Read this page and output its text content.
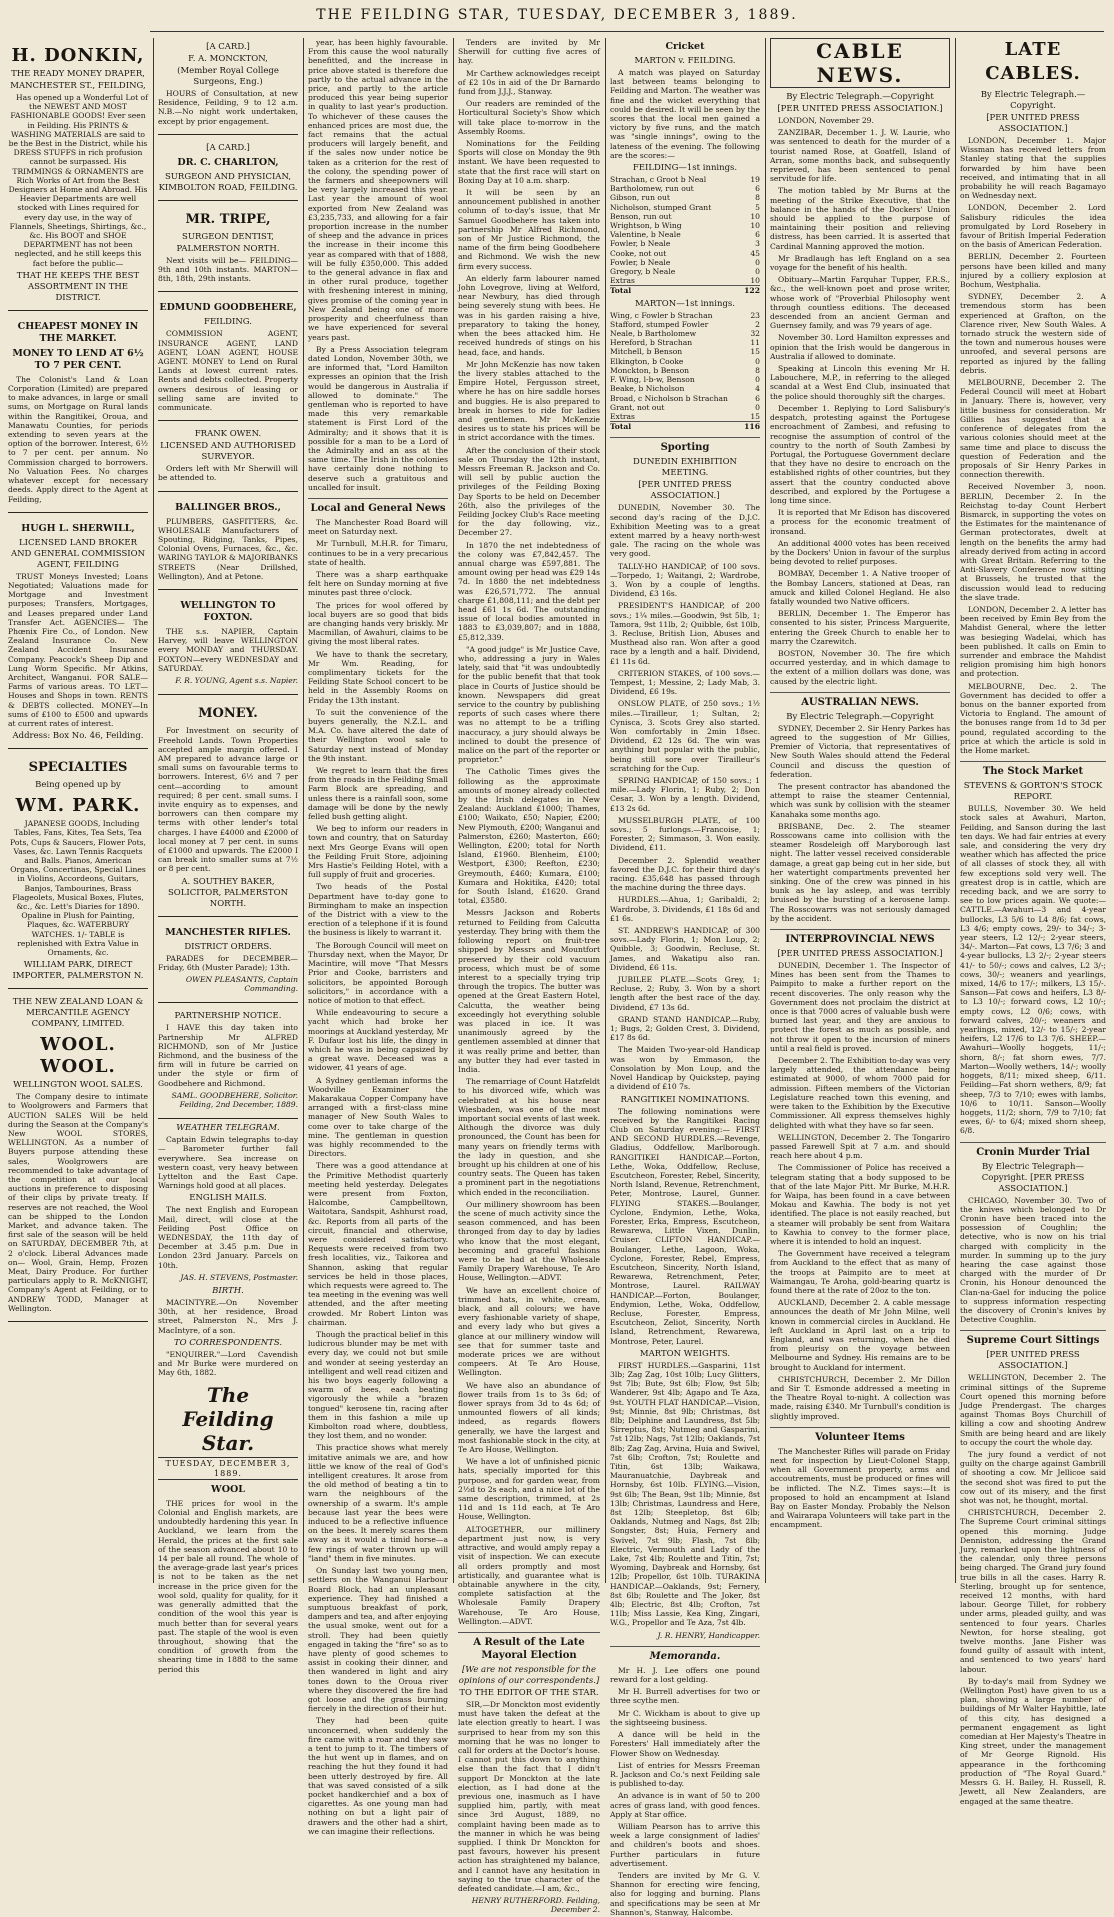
THE FEILDING STAR, TUESDAY, DECEMBER 3, 1889.
H. DONKIN,
THE READY MONEY DRAPER,
MANCHESTER ST., FEILDING,

Has opened up a Wonderful Lot of the NEWEST AND MOST FASHIONABLE GOODS! Ever seen in Feilding. His PRINTS & WASHING MATERIALS are said to be the Best in the District, while his DRESS STUFFS in rich profusion cannot be surpassed. His TRIMMINGS & ORNAMENTS are Rich Works of Art from the Best Designers at Home and Abroad. His Heavier Departments are well stocked with Lines required for every day use, in the way of Flannels, Sheetings, Shirtings, &c., &c. His BOOT and SHOE DEPARTMENT has not been neglected, and he still keeps this fact before the public—

THAT HE KEEPS THE BEST ASSORTMENT IN THE DISTRICT.
CHEAPEST MONEY IN THE MARKET.
MONEY TO LEND AT 6½ TO 7 PER CENT.

The Colonist's Land & Loan Corporation (Limited) are prepared to make advances, in large or small sums, on Mortgage on Rural lands within the Rangitikei, Oroua, and Manawatu Counties, for periods extending to seven years at the option of the borrower. Interest, 6½ to 7 per cent. per annum. No Commission charged to borrowers. No Valuation Fees. No charges whatever except for necessary deeds. Apply direct to the Agent at Feilding,

HUGH L. SHERWILL,
LICENSED LAND BROKER AND GENERAL COMMISSION AGENT, FEILDING

TRUST Moneys Invested; Loans Negotiated; Valuations made for Mortgage and Investment purposes; Transfers, Mortgages, and Leases prepared under Land Transfer Act. AGENCIES— The Phœnix Fire Co., of London. New Zealand Insurance Co. New Zealand Accident Insurance Company. Peacock's Sheep Dip and Lung Worm Specific. Mr Atkins, Architect, Wanganui. FOR SALE—Farms of various areas. TO LET—Houses and Shops in town. RENTS & DEBTS collected. MONEY—In sums of £100 to £500 and upwards at current rates of interest.

Address: Box No. 46, Feilding.
SPECIALTIES
Being opened up by
WM. PARK.

JAPANESE GOODS, Including Tables, Fans, Kites, Tea Sets, Tea Pots, Cups & Saucers, Flower Pots, Vases, &c. Lawn Tennis Racquets and Balls. Pianos, American Organs, Concertinas, Special Lines in Violins, Accordeons, Guitars, Banjos, Tambourines, Brass Flageolets, Musical Boxes, Flutes, &c., &c. Lett's Diaries for 1890. Opaline in Plush for Painting, Plaques, &c. WATERBURY WATCHES. 1/- TABLE is replenished with Extra Value in Ornaments, &c.

WILLIAM PARK, DIRECT IMPORTER, PALMERSTON N.
THE NEW ZEALAND LOAN & MERCANTILE AGENCY COMPANY, LIMITED.
WOOL. WOOL.
WELLINGTON WOOL SALES.

The Company desire to intimate to Woolgrowers and Farmers that AUCTION SALES Will be held during the Season at the Company's New WOOL STORES, WELLINGTON. As a number of Buyers purpose attending these sales, Woolgrowers are recommended to take advantage of the competition at our local auctions in preference to disposing of their clips by private treaty. If reserves are not reached, the Wool can be shipped to the London Market, and advance taken. The first sale of the season will be held on SATURDAY, DECEMBER 7th, at 2 o'clock. Liberal Advances made on— Wool, Grain, Hemp, Frozen Meat, Dairy Produce. For further particulars apply to R. McKNIGHT, Company's Agent at Feilding, or to ANDREW TODD, Manager at Wellington.

[A CARD.]
F. A. MONCKTON,
(Member Royal College Surgeons, Eng.)

HOURS of Consultation, at new Residence, Feilding, 9 to 12 a.m. N.B.—No night work undertaken, except by prior engagement.

[A CARD.]
DR. C. CHARLTON,
SURGEON AND PHYSICIAN, KIMBOLTON ROAD, FEILDING.
MR. TRIPE,
SURGEON DENTIST,
PALMERSTON NORTH.

Next visits will be— FEILDING—9th and 10th instants. MARTON—8th, 18th, 29th instants.

EDMUND GOODBEHERE,
FEILDING.

COMMISSION AGENT, INSURANCE AGENT, LAND AGENT, LOAN AGENT, HOUSE AGENT. MONEY to Lend on Rural Lands at lowest current rates. Rents and debts collected. Property owners desirous of leasing or selling same are invited to communicate.

FRANK OWEN.
LICENSED AND AUTHORISED SURVEYOR.

Orders left with Mr Sherwill will be attended to.

BALLINGER BROS.,

PLUMBERS, GASFITTERS, &c. WHOLESALE Manufacturers of Spouting, Ridging, Tanks, Pipes, Colonial Ovens, Furnaces, &c., &c. WARING TAYLOR & MAJORIBANKS STREETS (Near Drillshed, Wellington), And at Petone.

WELLINGTON TO FOXTON.

THE s.s. NAPIER, Captain Harvey, will leave WELLINGTON every MONDAY and THURSDAY. FOXTON—every WEDNESDAY and SATURDAY.

F. R. YOUNG, Agent s.s. Napier.
MONEY.

For Investment on security of Freehold Lands. Town Properties accepted ample margin offered. I AM prepared to advance large or small sums on favourable terms to borrowers. Interest, 6½ and 7 per cent—according to amount required; 8 per cent. small sums. I invite enquiry as to expenses, and borrowers can then compare my terms with other lender's total charges. I have £4000 and £2000 of local money at 7 per cent. in sums of £1000 and upwards. The £2000 I can break into smaller sums at 7½ or 8 per cent.

A. SOUTHEY BAKER, SOLICITOR, PALMERSTON NORTH.
MANCHESTER RIFLES.
DISTRICT ORDERS.

PARADES for DECEMBER—Friday, 6th (Muster Parade); 13th.

OWEN PLEASANTS, Captain Commanding.
PARTNERSHIP NOTICE.

I HAVE this day taken into Partnership Mr ALFRED RICHMOND, son of Mr Justice Richmond, and the business of the firm will in future be carried on under the style or firm of Goodbehere and Richmond.

SAML. GOODBEHERE, Solicitor. Feilding, 2nd December, 1889.
WEATHER TELEGRAM.

Captain Edwin telegraphs to-day— Barometer further fall everywhere. Sea increase on western coast, very heavy between Lyttelton and the East Cape. Warnings hold good at all places.

ENGLISH MAILS.

The next English and European Mail, direct, will close at the Feilding Post Office on WEDNESDAY, the 11th day of December at 3.45 p.m. Due in London 23rd January. Parcels on 10th.

JAS. H. STEVENS, Postmaster.
BIRTH.

MACINTYRE.—On November 30th, at her residence, Broad street, Palmerston N., Mrs J. MacIntyre, of a son.

TO CORRESPONDENTS.

"ENQUIRER."—Lord Cavendish and Mr Burke were murdered on May 6th, 1882.

The Feilding Star.
TUESDAY, DECEMBER 3, 1889.
WOOL

THE prices for wool in the Colonial and English markets, are undoubtedly hardening this year. In Auckland, we learn from the Herald, the prices at the first sale of the season advanced about 10 to 14 per bale all round. The whole of the average-grade last year's prices is not to be taken as the net increase in the price given for the wool sold, quality for quality, for it was generally admitted that the condition of the wool this year is much better than for several years past. The staple of the wool is even throughout, showing that the condition of growth from the shearing time in 1888 to the same period this

year, has been highly favourable. From this cause the wool naturally benefitted, and the increase in price above stated is therefore due partly to the actual advance in the price, and partly to the article produced this year being superior in quality to last year's production. To whichever of these causes the enhanced prices are most due, the fact remains that the actual producers will largely benefit, and if the sales now under notice be taken as a criterion for the rest of the colony, the spending power of the farmers and sheepowners will be very largely increased this year. Last year the amount of wool exported from New Zealand was £3,235,733, and allowing for a fair proportion increase in the number of sheep and the advance in prices the increase in their income this year as compared with that of 1888, will be fully £350,000. This added to the general advance in flax and in other rural produce, together with freshening interest in mining, gives promise of the coming year in New Zealand being one of more prosperity and cheerfulness than we have experienced for several years past.

By a Press Association telegram dated London, November 30th, we are informed that, "Lord Hamilton expresses an opinion that the Irish would be dangerous in Australia if allowed to dominate." The gentleman who is reported to have made this very remarkable statement is First Lord of the Admiralty; and it shows that it is possible for a man to be a Lord of the Admiralty and an ass at the same time. The Irish in the colonies have certainly done nothing to deserve such a gratuitous and uncalled for insult.

Local and General News

The Manchester Road Board will meet on Saturday next.

Mr Turnbull, M.H.R. for Timaru, continues to be in a very precarious state of health.

There was a sharp earthquake felt here on Sunday morning at five minutes past three o'clock.

The prices for wool offered by local buyers are so good that bids are changing hands very briskly. Mr Macmillan, of Awahuri, claims to be giving the most liberal rates.

We have to thank the secretary, Mr Wm. Reading, for complimentary tickets for the Feilding State School concert to be held in the Assembly Rooms on Friday the 13th instant.

To suit the convenience of the buyers generally, the N.Z.L. and M.A. Co. have altered the date of their Wellington wool sale to Saturday next instead of Monday the 9th instant.

We regret to learn that the fires from the roads in the Feilding Small Farm Block are spreading, and unless there is a rainfall soon, some damage will be done by the newly felled bush getting alight.

We beg to inform our readers in town and country, that on Saturday next Mrs George Evans will open the Feilding Fruit Store, adjoining Mrs Hastie's Feilding Hotel, with a full supply of fruit and groceries.

Two heads of the Postal Department have to-day gone to Birmingham to make an inspection of the District with a view to the erection of a telephone if it is found the business is likely to warrant it.

The Borough Council will meet on Thursday next, when the Mayor, Dr Macintire, will move "That Messrs Prior and Cooke, barristers and solicitors, be appointed Borough solicitors," in accordance with a notice of motion to that effect.

While endeavouring to secure a yacht which had broke her moorings at Auckland yesterday, Mr F. Dufaur lost his life, the dingy in which he was in being capsized by a great wave. Deceased was a widower, 41 years of age.

A Sydney gentleman informs the Woodville Examiner the Makarakaua Copper Company have arranged with a first-class mine manager of New South Wales to come over to take charge of the mine. The gentleman in question was highly recommended to the Directors.

There was a good attendance at the Primitive Methodist quarterly meeting held yesterday. Delegates were present from Foxton, Halcombe, Campbelltown, Waitotara, Sandspit, Ashhurst road, &c. Reports from all parts of the circuit, financial and otherwise, were considered satisfactory. Requests were received from two fresh localities, viz., Taikorea and Shannon, asking that regular services be held in those places, which requests were agreed to. The tea meeting in the evening was well attended, and the after meeting crowded. Mr Robert Linton was chairman.

Though the practical belief in this ludicrous blunder may be met with every day, we could not but smile and wonder at seeing yesterday an intelligent and well read citizen and his two boys eagerly following a swarm of bees, each beating vigorously the while a "brazen tongued" kerosene tin, racing after them in this fashion a mile up Kimbolton road where, doubtless, they lost them, and no wonder.

This practice shows what merely imitative animals we are, and how little we know of the real of God's intelligent creatures. It arose from the old method of beating a tin to warn the neighbours of the ownership of a swarm. It's ample because last year the bees were induced to be a reflective influence on the bees. It merely scares them away as it would a timid horse—a few rings of water thrown up will "land" them in five minutes.

On Sunday last two young men, settlers on the Wanganui Harbour Board Block, had an unpleasant experience. They had finished a sumptuous breakfast of pork, dampers and tea, and after enjoying the usual smoke, went out for a stroll. They had been quietly engaged in taking the "fire" so as to have plenty of good schemes to assist in cooking their dinner, and then wandered in light and airy tones down to the Oroua river where they discovered the fire had got loose and the grass burning fiercely in the direction of their hut.

They had been quite unconcerned, when suddenly the fire came with a roar and they saw a tent to jump to it. The timbers of the hut went up in flames, and on reaching the hut they found it had been utterly destroyed by fire. All that was saved consisted of a silk pocket handkerchief and a box of cigarettes. As one young man had nothing on but a light pair of drawers and the other had a shirt, we can imagine their reflections.

Tenders are invited by Mr Sherwill for cutting five acres of hay.

Mr Carthew acknowledges receipt of £2 10s in aid of the Dr Barnardo fund from J.J.J., Stanway.

Our readers are reminded of the Horticultural Society's Show which will take place to-morrow in the Assembly Rooms.

Nominations for the Feilding Sports will close on Monday the 9th instant. We have been requested to state that the first race will start on Boxing Day at 10 a.m. sharp.

It will be seen by an announcement published in another column of to-day's issue, that Mr Samuel Goodbehere has taken into partnership Mr Alfred Richmond, son of Mr Justice Richmond, the name of the firm being Goodbehere and Richmond. We wish the new firm every success.

An elderly farm labourer named John Lovegrove, living at Welford, near Newbury, has died through being severely stung with bees. He was in his garden raising a hive, preparatory to taking the honey, when the bees attacked him. He received hundreds of stings on his head, face, and hands.

Mr John McKenzie has now taken the livery stables attached to the Empire Hotel, Fergusson street, where he has on hire saddle horses and buggies. He is also prepared to break in horses to ride for ladies and gentlemen. Mr McKenzie desires us to state his prices will be in strict accordance with the times.

After the conclusion of their stock sale on Thursday the 12th instant, Messrs Freeman R. Jackson and Co. will sell by public auction the privileges of the Feilding Boxing Day Sports to be held on December 26th, also the privileges of the Feilding Jockey Club's Race meeting for the day following, viz., December 27.

In 1870 the net indebtedness of the colony was £7,842,457. The annual charge was £597,881. The amount owing per head was £29 14s 7d. In 1880 the net indebtedness was £26,571,772. The annual charge £1,808,111; and the debt per head £61 1s 6d. The outstanding issue of local bodies amounted in 1883 to £3,039,807; and in 1888, £5,812,339.

"A good judge" is Mr Justice Cave, who, addressing a jury in Wales lately, said that "it was undoubtedly for the public benefit that that took place in Courts of Justice should be known. Newspapers did great service to the country by publishing reports of such cases where there was no attempt to be a trifling inaccuracy, a jury should always be inclined to doubt the presence of malice on the part of the reporter or proprietor."

The Catholic Times gives the following as the approximate amounts of money already collected by the Irish delegates in New Zealand: Auckland £1000; Thames, £100; Waikato, £50; Napier, £200; New Plymouth, £200; Wanganui and Palmerston, £260; Masterton, £60; Wellington, £200; total for North Island, £1960. Blenheim, £100; Westport, £300; Reefton, £230; Greymouth, £460; Kumara, £100; Kumara and Hokitika, £420; total for South Island, £1620. Grand total, £3580.

Messrs Jackson and Roberts returned to Feilding from Calcutta yesterday. They bring with them the following report on fruit-tree shipped by Messrs and Mountfort preserved by their cold vacuum process, which must be of some interest to a specially trying trip through the tropics. The butter was opened at the Great Eastern Hotel, Calcutta, the weather being exceedingly hot everything soluble was placed in ice. It was unanimously agreed by the gentlemen assembled at dinner that it was really prime and better, than any butter they had ever tasted in India.

The remarriage of Count Hatzfeldt to his divorced wife, which was celebrated at his house near Wiesbaden, was one of the most important social events of last week. Although the divorce was duly pronounced, the Count has been for many years on friendly terms with the lady in question, and she brought up his children at one of his country seats. The Queen has taken a prominent part in the negotiations which ended in the reconciliation.

Our millinery showroom has been the scene of much activity since the season commenced, and has been thronged from day to day by ladies who know that the most elegant, becoming and graceful fashions were to be had at the Wholesale Family Drapery Warehouse, Te Aro House, Wellington.—ADVT.

We have an excellent choice of trimmed hats, in white, cream, black, and all colours; we have every fashionable variety of shape, and every lady who but gives a glance at our millinery window will see that for summer taste and moderate prices we are without compeers. At Te Aro House, Wellington.

We have also an abundance of flower trails from 1s to 3s 6d; of flower sprays from 3d to 4s 6d; of unmounted flowers of all kinds; indeed, as regards flowers generally, we have the largest and most fashionable stock in the city, at Te Aro House, Wellington.

We have a lot of unfinished picnic hats, specially imported for this purpose, and for garden wear, from 2½d to 2s each, and a nice lot of the same description, trimmed, at 2s 11d and 1s 11d each, at Te Aro House, Wellington.

ALTOGETHER, our millinery department just now, is very attractive, and would amply repay a visit of inspection. We can execute all orders promptly and most artistically, and guarantee what is obtainable anywhere in the city, complete satisfaction at the Wholesale Family Drapery Warehouse, Te Aro House, Wellington.—ADVT.

A Result of the Late Mayoral Election
[We are not responsible for the opinions of our correspondents.]
TO THE EDITOR OF THE STAR.

SIR,—Dr Monckton most evidently must have taken the defeat at the late election greatly to heart. I was surprised to hear from my son this morning that he was no longer to call for orders at the Doctor's house. I cannot put this down to anything else than the fact that I didn't support Dr Monckton at the late election, as I had done at the previous one, inasmuch as I have supplied him, partly, with meat since 3rd August, 1889, no complaint having been made as to the manner in which he was being supplied. I think Dr Monckton for past favours, however his present action has straightened my balance, and I cannot have any hesitation in saying to the true character of the defeated candidate.—I am, &c.,

HENRY RUTHERFORD. Feilding, December 2.
Cricket
MARTON v. FEILDING.

A match was played on Saturday last between teams belonging to Feilding and Marton. The weather was fine and the wicket everything that could be desired. It will be seen by the scores that the local men gained a victory by five runs, and the match was "single innings", owing to the lateness of the evening. The following are the scores:—

FEILDING—1st innings.
Strachan, c Groot b Neal	19
Bartholomew, run out	6
Gibson, run out	8
Nicholson, stumped Grant	5
Benson, run out	10
Wrightson, b Wing	10
Valentine, b Neale	6
Fowler, b Neale	3
Cooke, not out	45
Fowler, b Neale	0
Gregory, b Neale	0
Extras	10
Total	122
MARTON—1st innings.
Wing, c Fowler b Strachan	23
Stafford, stumped Fowler	2
Neale, b Bartholomew	32
Hereford, b Strachan	11
Mitchell, b Benson	15
Elkington, b Cooke	0
Monckton, b Benson	8
F. Wing, l-b-w, Benson	0
Beake, b Nicholson	4
Broad, c Nicholson b Strachan	6
Grant, not out	0
Extras	15
Total	116
Sporting
DUNEDIN EXHIBITION MEETING.
[PER UNITED PRESS ASSOCIATION.]

DUNEDIN, November 30. The second day's racing of the D.J.C. Exhibition Meeting was to a great extent marred by a heavy north-west gale. The racing on the whole was very good.

TALLY-HO HANDICAP, of 100 sovs.—Torpedo, 1; Waitangi, 2; Wardrobe, 3. Won by a couple of lengths. Dividend, £3 16s.

PRESIDENT'S HANDICAP, of 200 sovs.; 1¼ miles.—Goodwin, 9st 5lb, 1; Tamora, 9st 11lb, 2; Quibble, 6st 10lb, 3. Recluse, British Lion, Abuses and Musthead also ran. Won after a good race by a length and a half. Dividend, £1 11s 6d.

CRITERION STAKES, of 100 sovs.—Tempest, 1; Messine, 2; Lady Mab, 3. Dividend, £6 19s.

ONSLOW PLATE, of 250 sovs.; 1½ miles.—Tirailleur, 1; Sultan, 2; Cynisca, 3. Scots Grey also started. Won comfortably in 2min 18sec. Dividend, £2 12s 6d. The win was anything but popular with the public, being still sore over Tirailleur's scratching for the Cup.

SPRING HANDICAP, of 150 sovs.; 1 mile.—Lady Florin, 1; Ruby, 2; Don Cesar, 3. Won by a length. Dividend, £13 2s 6d.

MUSSELBURGH PLATE, of 100 sovs.; 5 furlongs.—Francoise, 1; Forester, 2; Simmason, 3. Won easily. Dividend, £11.

December 2. Splendid weather favored the D.J.C. for their third day's racing. £35,648 has passed through the machine during the three days.

HURDLES.—Ahua, 1; Garibaldi, 2; Wardrobe, 3. Dividends, £1 18s 6d and £1 6s.

ST. ANDREW'S HANDICAP, of 300 sovs.—Lady Florin, 1; Mon Loup, 2; Quibble, 3; Goodwin, Recluse, St. James, and Wakatipu also ran. Dividend, £6 11s.

JUBILEE PLATE.—Scots Grey, 1; Recluse, 2; Ruby, 3. Won by a short length after the best race of the day. Dividend, £7 13s 6d.

GRAND STAND HANDICAP.—Ruby, 1; Bugs, 2; Golden Crest, 3. Dividend, £17 8s 6d.

The Maiden Two-year-old Handicap was won by Emmason, the Consolation by Mon Loup, and the Novel Handicap by Quickstep, paying a dividend of £10 7s.

RANGITIKEI NOMINATIONS.

The following nominations were received by the Rangitikei Racing Club on Saturday evening:— FIRST AND SECOND HURDLES.—Revenge, Gladius, Oddfellow, Marlborough. RANGITIKEI HANDICAP.—Forton, Lethe, Woka, Oddfellow, Recluse, Escutcheon, Forester, Rebel, Sincerity, North Island, Revenue, Retrenchment, Peter, Montrose, Laurel, Gunner. FLYING STAKES.—Boulanger, Cyclone, Endymion, Lethe, Woka, Forester, Erka, Empress, Escutcheon, Rewarewa, Little Vixen, Dunlin, Cruiser. CLIFTON HANDICAP.—Boulanger, Lethe, Lagoon, Woka, Cyclone, Forester, Rebel, Empress, Escutcheon, Sincerity, North Island, Rewarewa, Retrenchment, Peter, Montrose, Laurel. RAILWAY HANDICAP.—Forton, Boulanger, Endymion, Lethe, Woka, Oddfellow, Recluse, Forester, Empress, Escutcheon, Zeliot, Sincerity, North Island, Retrenchment, Rewarewa, Montrose, Peter, Laurel.

MARTON WEIGHTS.

FIRST HURDLES.—Gasparini, 11st 3lb; Zag Zag, 10st 10lb; Lucy Glitters, 9st 7lb; Bute, 9st 6lb; Flow, 9st 5lb; Wanderer, 9st 4lb; Agapo and Te Aza, 9st. YOUTH FLAT HANDICAP.—Vision, 9st; Minnie, 8st 9lb; Christmas, 8st 8lb; Delphine and Laundress, 8st 5lb; Sirreptus, 8st; Nutmeg and Gasparini, 7st 12lb; Nags, 7st 12lb; Oaklands, 7st 8lb; Zag Zag, Arvina, Huia and Swivel, 7st 6lb; Crofton, 7st; Roulette and Titin, 6st 13lb; Waikawa, Mauranuatchie, Daybreak and Hornsby, 6st 10lb. FLYING.—Vision, 9st 6lb; The Bean, 9st 1lb; Minnie, 8st 13lb; Christmas, Laundress and Here, 8st 12lb; Steepletop, 8st 6lb; Oaklands, Nutmeg and Nags, 8st 2lb; Songster, 8st; Huia, Fernery and Swivel, 7st 9lb; Flash, 7st 8lb; Electric, Vermouth and Lady of the Lake, 7st 4lb; Roulette and Titin, 7st; Wyoming, Daybreak and Hornsby, 6st 12lb; Propellor, 6st 10lb. TURAKINA HANDICAP.—Oaklands, 9st; Fernery, 8st 6lb; Roulette and The Joker, 8st 4lb; Electric, 8st 4lb; Crofton, 7st 11lb; Miss Lassie, Kea King, Zingari, W.G., Propellor and Te Aza, 7st 4lb.

J. R. HENRY, Handicapper.
Memoranda.

Mr H. J. Lee offers one pound reward for a lost gelding.

Mr H. Burrell advertises for two or three scythe men.

Mr C. Wickham is about to give up the sightseeing business.

A dance will be held in the Foresters' Hall immediately after the Flower Show on Wednesday.

List of entries for Messrs Freeman R. Jackson and Co.'s next Feilding sale is published to-day.

An advance is in want of 50 to 200 acres of grass land, with good fences. Apply at Star office.

William Pearson has to arrive this week a large consignment of ladies' and children's boots and shoes. Further particulars in future advertisement.

Tenders are invited by Mr G. V. Shannon for erecting wire fencing, also for logging and burning. Plans and specifications may be seen at Mr Shannon's, Stanway, Halcombe.

CABLE NEWS.
By Electric Telegraph.—Copyright
[PER UNITED PRESS ASSOCIATION.]

LONDON, November 29.

ZANZIBAR, December 1. J. W. Laurie, who was sentenced to death for the murder of a tourist named Rose, at Goatfell, Island of Arran, some months back, and subsequently reprieved, has been sentenced to penal servitude for life.

The motion tabled by Mr Burns at the meeting of the Strike Executive, that the balance in the hands of the Dockers' Union should be applied to the purpose of maintaining their position and relieving distress, has been carried. It is asserted that Cardinal Manning approved the motion.

Mr Bradlaugh has left England on a sea voyage for the benefit of his health.

Obituary—Martin Farquhar Tupper, F.R.S., &c., the well-known poet and prose writer, whose work of "Proverbial Philosophy went through countless editions. The deceased descended from an ancient German and Guernsey family, and was 79 years of age.

November 30. Lord Hamilton expresses and opinion that the Irish would be dangerous in Australia if allowed to dominate.

Speaking at Lincoln this evening Mr H. Labouchere, M.P., in referring to the alleged scandal at a West End Club, insinuated that the police should thoroughly sift the charges.

December 1. Replying to Lord Salisbury's despatch, protesting against the Portugese encroachment of Zambesi, and refusing to recognise the assumption of control of the country to the north of South Zambesi by Portugal, the Portuguese Government declare that they have no desire to encroach on the established rights of other countries, but they assert that the country conducted above described, and explored by the Portugese a long time since.

It is reported that Mr Edison has discovered a process for the economic treatment of ironsand.

An additional 4000 votes has been received by the Dockers' Union in favour of the surplus being devoted to relief purposes.

BOMBAY, December 1. A Native trooper of the Bombay Lancers, stationed at Deas, ran amuck and killed Colonel Hegland. He also fatally wounded two Native officers.

BERLIN, December 1. The Emperor has consented to his sister, Princess Marguerite, entering the Greek Church to enable her to marry the Czarewitch.

BOSTON, November 30. The fire which occurred yesterday, and in which damage to the extent of a million dollars was done, was caused by the electric light.

AUSTRALIAN NEWS.
By Electric Telegraph.—Copyright

SYDNEY, December 2. Sir Henry Parkes has agreed to the suggestion of Mr Gillies, Premier of Victoria, that representatives of New South Wales should attend the Federal Council and discuss the question of federation.

The present contractor has abandoned the attempt to raise the steamer Centennial, which was sunk by collision with the steamer Kanahaka some months ago.

BRISBANE, Dec. 2. The steamer Rosscowans came into collision with the steamer Rosdeleigh off Maryborough last night. The latter vessel received considerable damage, a great gap being cut in her side, but her watertight compartments prevented her sinking. One of the crew was pinned in his bunk as he lay asleep, and was terribly bruised by the bursting of a kerosene lamp. The Rosscowarrs was not seriously damaged by the accident.

INTERPROVINCIAL NEWS
[PER UNITED PRESS ASSOCIATION.]

DUNEDIN, December 1. The Inspector of Mines has been sent from the Thames to Paimpito to make a further report on the recent discoveries. The only reason why the Government does not proclaim the district at once is that 7000 acres of valuable bush were burned last year, and they are anxious to protect the forest as much as possible, and not throw it open to the incursion of miners until a real field is proved.

December 2. The Exhibition to-day was very largely attended, the attendance being estimated at 9000, of whom 7000 paid for admission. Fifteen members of the Victorian Legislature reached town this evening, and were taken to the Exhibition by the Executive Commissioner. All express themselves highly delighted with what they have so far seen.

WELLINGTON, December 2. The Tongariro passed Farewell Spit at 7 a.m. and should reach here about 4 p.m.

The Commissioner of Police has received a telegram stating that a body supposed to be that of the late Major Pitt. Mr Burke, M.H.R. for Waipa, has been found in a cave between Mokau and Kawhia. The body is not yet identified. The place is not easily reached, but a steamer will probably be sent from Waitara to Kawhia to convey to the former place, where it is intended to hold an inquest.

The Government have received a telegram from Auckland to the effect that as many of the troops at Paimpito are to meet at Waimangau, Te Aroha, gold-bearing quartz is found there at the rate of 20oz to the ton.

AUCKLAND, December 2. A cable message announces the death of Mr John Milne, well known in commercial circles in Auckland. He left Auckland in April last on a trip to England, and was returning, when he died from pleurisy on the voyage between Melbourne and Sydney. His remains are to be brought to Auckland for interment.

CHRISTCHURCH, December 2. Mr Dillon and Sir T. Esmonde addressed a meeting in the Theatre Royal to-night. A collection was made, raising £340. Mr Turnbull's condition is slightly improved.

Volunteer Items

The Manchester Rifles will parade on Friday next for inspection by Lieut-Colonel Stapp, when all Government property, arms and accoutrements, must be produced or fines will be inflicted. The N.Z. Times says:—It is proposed to hold an encampment at Island Bay on Easter Monday. Probably the Nelson and Wairarapa Volunteers will take part in the encampment.

LATE CABLES.
By Electric Telegraph.—Copyright.
[PER UNITED PRESS ASSOCIATION.]

LONDON, December 1. Major Wissman has received letters from Stanley stating that the supplies forwarded by him have been received, and intimating that in all probability he will reach Bagamayo on Wednesday next.

LONDON, December 2. Lord Salisbury ridicules the idea promulgated by Lord Rosebery in favour of British Imperial Federation on the basis of American Federation.

BERLIN, December 2. Fourteen persons have been killed and many injured by a colliery explosion at Bochum, Westphalia.

SYDNEY, December 2. A tremendous storm has been experienced at Grafton, on the Clarence river, New South Wales. A tornado struck the western side of the town and numerous houses were unroofed, and several persons are reported as injured by the falling debris.

MELBOURNE, December 2. The Federal Council will meet at Hobart in January. There is, however, very little business for consideration. Mr Gillies has suggested that a conference of delegates from the various colonies should meet at the same time and place to discuss the question of Federation and the proposals of Sir Henry Parkes in connection therewith.

Received November 3, noon. BERLIN, December 2. In the Reichstag to-day Count Herbert Bismarck, in supporting the votes on the Estimates for the maintenance of German protectorates, dwelt at length on the benefits the army had already derived from acting in accord with Great Britain. Referring to the Anti-Slavery Conference now sitting at Brussels, he trusted that the discussion would lead to reducing the slave trade.

LONDON, December 2. A letter has been received by Emin Bey from the Mahdist General, where the letter was besieging Wadelai, which has been published. It calls on Emin to surrender and embrace the Mahdist religion promising him high honors and protection.

MELBOURNE, Dec. 2. The Government has decided to offer a bonus on the banner exported from Victoria to England. The amount of the bonuses range from 1d to 3d per pound, regulated according to the price at which the article is sold in the Home market.

The Stock Market
STEVENS & GORTON'S STOCK REPORT.

BULLS, November 30. We held stock sales at Awahuri, Marton, Feilding, and Sanson during the last ten days. We had fair entries at every sale, and considering the very dry weather which has affected the price of all classes of stock they, all with few exceptions sold very well. The greatest drop is in cattle, which are receding back, and we are sorry to see to low prices again. We quote:— CATTLE.—Awahuri—3 and 4-year bullocks, L3 5/6 to L4 8/6; fat cows, L3 4/6; empty cows, 29/- to 34/-; 3-year steers, L2 12/-; 2-year steers, 34/-. Marton—Fat cows, L3 7/6; 3 and 4-year bullocks, L3 2/-; 2-year steers 41/- to 50/-; cows and calves, L2 3/-; cows, 30/-; weaners and yearlings, mixed, 14/6 to 17/-; milkers, L3 15/-. Sanson—Fat cows and heifers, L3 8/- to L3 10/-; forward cows, L2 10/-; empty cows, L2 0/6; cows, with forward calves, 20/-; weaners and yearlings, mixed, 12/- to 15/-; 2-year heifers, L2 17/6 to L3 7/6. SHEEP.—Awahuri—Woolly hoggets, 11/-; shorn, 8/-; fat shorn ewes, 7/7. Marton—Woolly wethers, 14/-; woolly hoggets, 8/11; mixed sheep, 6/11. Feilding—Fat shorn wethers, 8/9; fat sheep, 7/3 to 7/10; ewes with lambs, 10/6 to 10/11. Sanson—Woolly hoggets, 11/2; shorn, 7/9 to 7/10; fat ewes, 6/- to 6/4; mixed shorn sheep, 6/8.

Cronin Murder Trial
By Electric Telegraph—Copyright. [PER PRESS ASSOCIATION.]

CHICAGO, November 30. Two of the knives which belonged to Dr Cronin have been traced into the possession of Coughlin; the detective, who is now on his trial charged with complicity in the murder. In summing up to the jury hearing the case against those charged with the murder of Dr Cronin, his Honour denounced the Clan-na-Gael for inducing the police to suppress information respecting the discovery of Cronin's knives by Detective Coughlin.

Supreme Court Sittings
[PER UNITED PRESS ASSOCIATION.]

WELLINGTON, December 2. The criminal sittings of the Supreme Court opened this morning before Judge Prendergast. The charges against Thomas Boys Churchill of killing a cow and shooting Andrew Smith are being heard and are likely to occupy the court the whole day.

The jury found a verdict of not guilty on the charge against Gambrill of shooting a cow. Mr Jellicoe said the second shot was fired to put the cow out of its misery, and the first shot was not, he thought, mortal.

CHRISTCHURCH, December 2. The Supreme Court criminal sittings opened this morning. Judge Denniston, addressing the Grand Jury, remarked upon the lightness of the calendar, only three persons being charged. The Grand jury found true bills in all the cases. Harry R. Sterling, brought up for sentence, received 12 months, with hard labour. George Tillet, for robbery under arms, pleaded guilty, and was sentenced to four years. Charles Newton, for horse stealing, got twelve months. Jane Fisher was found guilty of assault with intent, and sentenced to two years' hard labour.

By to-day's mail from Sydney we (Wellington Post) have given to us a plan, showing a large number of buildings of Mr Walter Haybittle, late of this city, has designed a permanent engagement as light comedian at Her Majesty's Theatre in King street, under the management of Mr George Rignold. His appearance in the forthcoming production of "The Royal Guard." Messrs G. H. Bailey, H. Russell, R. Jewett, all New Zealanders, are engaged at the same theatre.
